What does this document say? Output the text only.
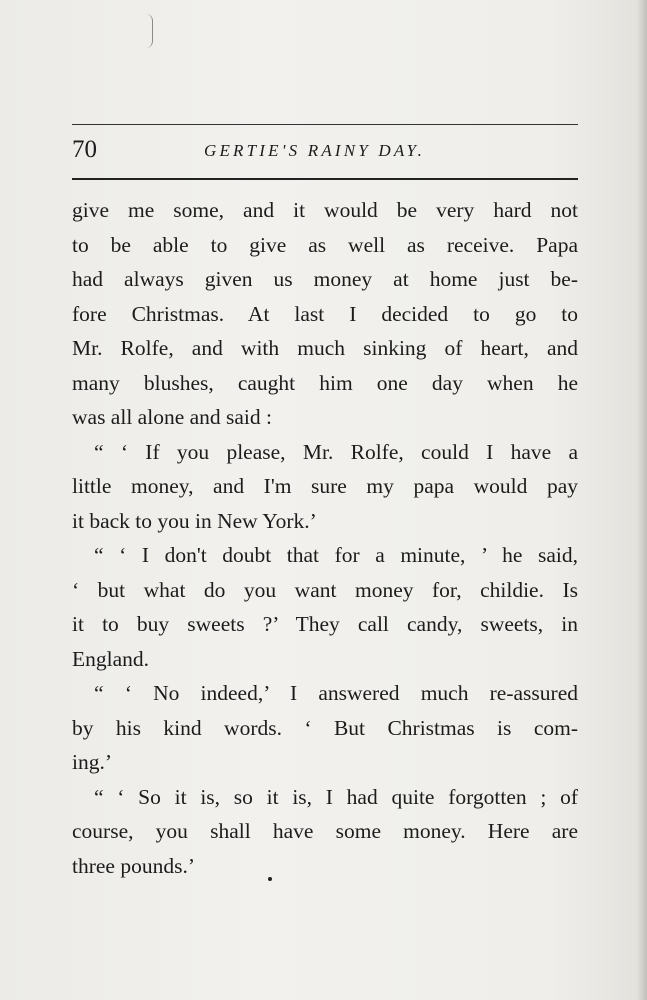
70	GERTIE'S RAINY DAY.
give me some, and it would be very hard not
to be able to give as well as receive. Papa
had always given us money at home just be-
fore Christmas. At last I decided to go to
Mr. Rolfe, and with much sinking of heart, and
many blushes, caught him one day when he
was all alone and said :
“ ‘ If you please, Mr. Rolfe, could I have a
little money, and I'm sure my papa would pay
it back to you in New York.’
“ ‘ I don't doubt that for a minute, ’ he said,
‘ but what do you want money for, childie. Is
it to buy sweets ?’ They call candy, sweets, in
England.
“ ‘ No indeed,’ I answered much re-assured
by his kind words. ‘ But Christmas is com-
ing.’
“ ‘ So it is, so it is, I had quite forgotten ; of
course, you shall have some money. Here are
three pounds.’
